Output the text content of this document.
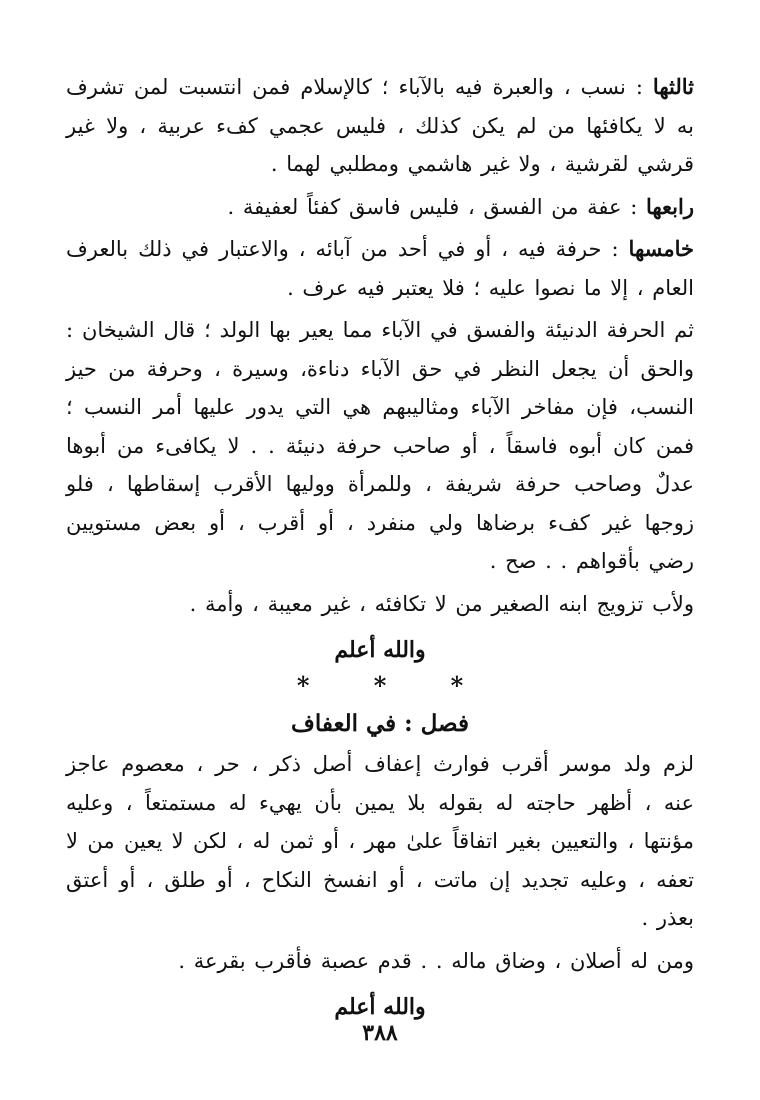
ثالثها : نسب ، والعبرة فيه بالآباء ؛ كالإسلام فمن انتسبت لمن تشرف به لا يكافئها من لم يكن كذلك ، فليس عجمي كفء عربية ، ولا غير قرشي لقرشية ، ولا غير هاشمي ومطلبي لهما .

رابعها : عفة من الفسق ، فليس فاسق كفئاً لعفيفة .

خامسها : حرفة فيه ، أو في أحد من آبائه ، والاعتبار في ذلك بالعرف العام ، إلا ما نصوا عليه ؛ فلا يعتبر فيه عرف .

ثم الحرفة الدنيئة والفسق في الآباء مما يعير بها الولد ؛ قال الشيخان : والحق أن يجعل النظر في حق الآباء دناءة، وسيرة ، وحرفة من حيز النسب، فإن مفاخر الآباء ومثاليبهم هي التي يدور عليها أمر النسب ؛ فمن كان أبوه فاسقاً ، أو صاحب حرفة دنيئة . . لا يكافىء من أبوها عدلٌ وصاحب حرفة شريفة ، وللمرأة ووليها الأقرب إسقاطها ، فلو زوجها غير كفء برضاها ولي منفرد ، أو أقرب ، أو بعض مستويين رضي بأقواهم . . صح .

ولأب تزويج ابنه الصغير من لا تكافئه ، غير معيبة ، وأمة .

والله أعلم

* * *

فصل : في العفاف

لزم ولد موسر أقرب فوارث إعفاف أصل ذكر ، حر ، معصوم عاجز عنه ، أظهر حاجته له بقوله بلا يمين بأن يهيء له مستمتعاً ، وعليه مؤنتها ، والتعيين بغير اتفاقاً علىٰ مهر ، أو ثمن له ، لكن لا يعين من لا تعفه ، وعليه تجديد إن ماتت ، أو انفسخ النكاح ، أو طلق ، أو أعتق بعذر .

ومن له أصلان ، وضاق ماله . . قدم عصبة فأقرب بقرعة .

والله أعلم

٣٨٨
